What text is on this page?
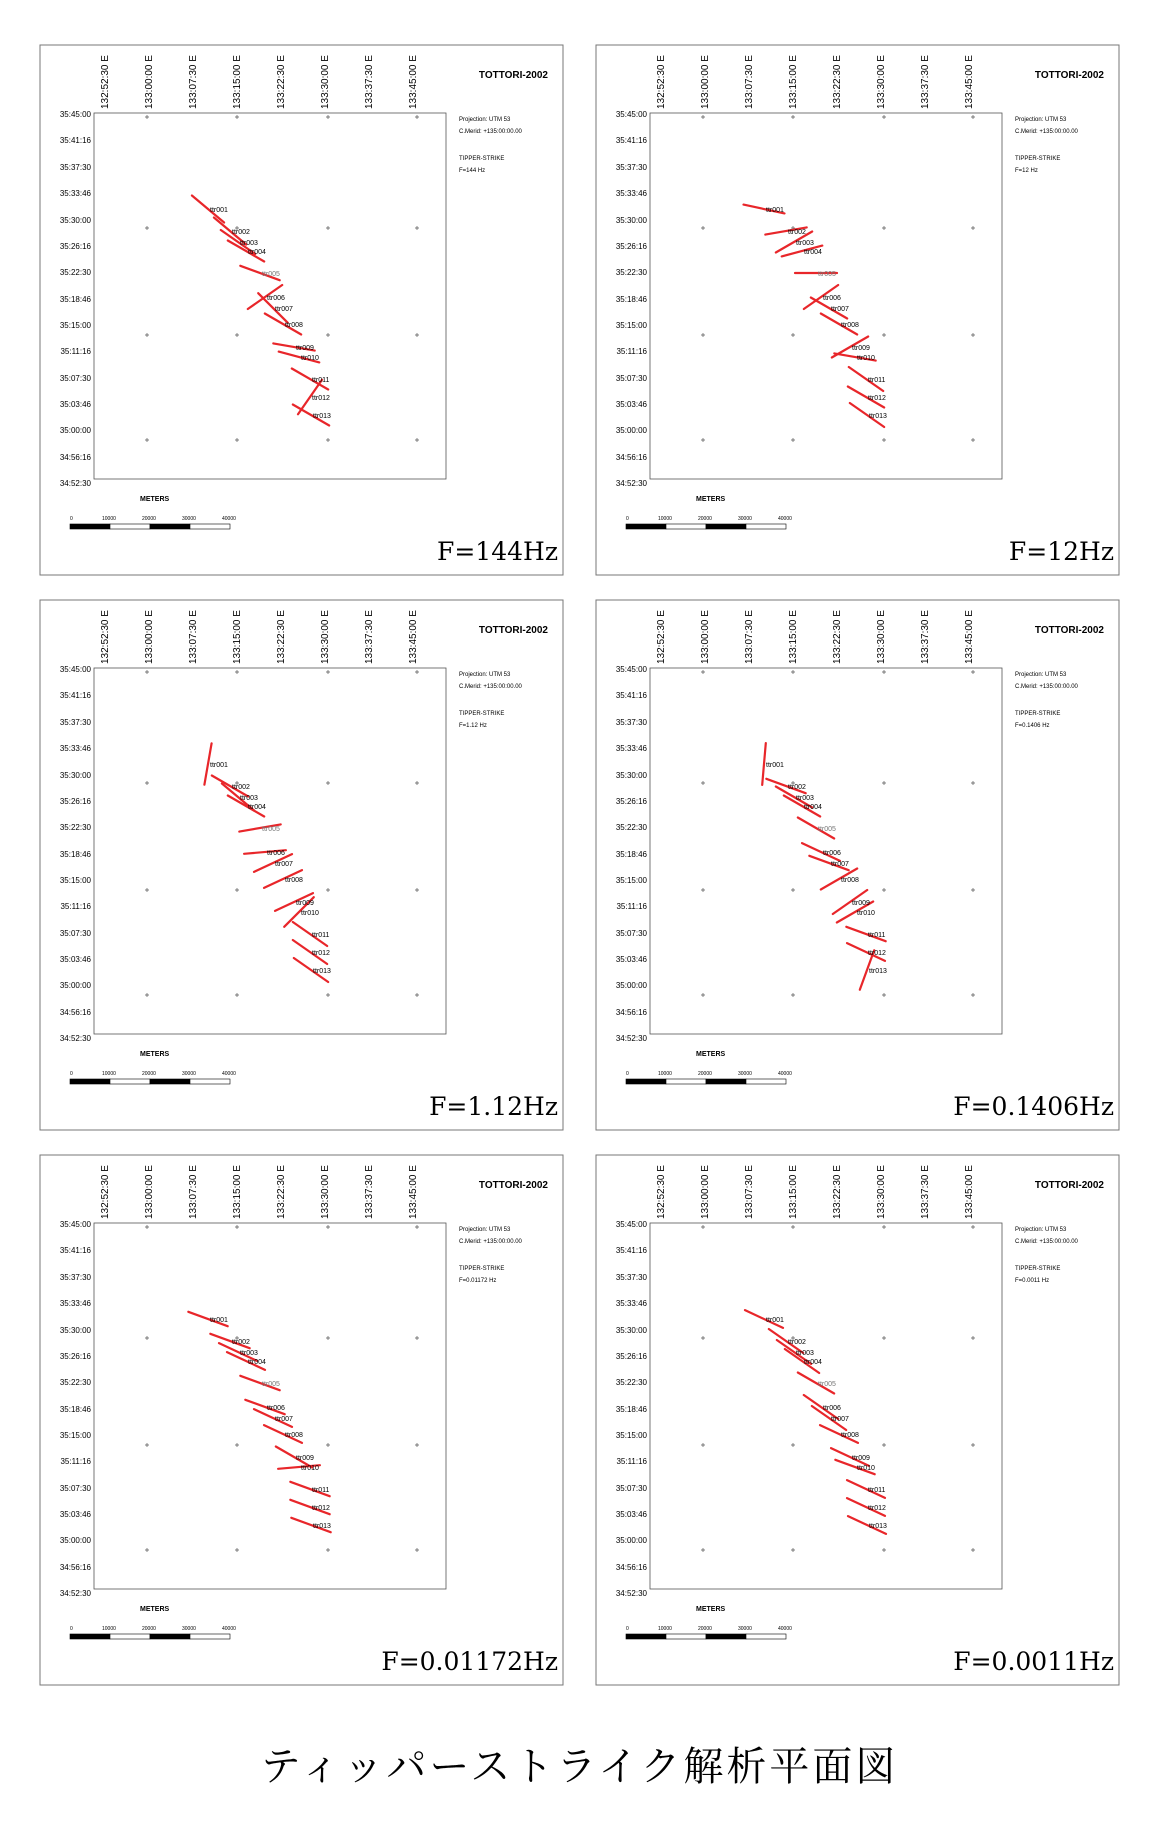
132:52:30 E	133:00:00 E	133:07:30 E	133:15:00 E	133:22:30 E	133:30:00 E	133:37:30 E	133:45:00 E
35:45:00
35:41:16
35:37:30
35:33:46
35:30:00
35:26:16
35:22:30
35:18:46
35:15:00
35:11:16
35:07:30
35:03:46
35:00:00
34:56:16
34:52:30
TOTTORI-2002
Projection: UTM 53
C.Merid: +135:00:00.00
TIPPER-STRIKE
F=144 Hz
ttr001
ttr002
ttr003
ttr004
ttr005
ttr006
ttr007
ttr008
ttr009
ttr010
ttr011
ttr012
ttr013
METERS
0	10000	20000	30000	40000
F=144Hz
132:52:30 E	133:00:00 E	133:07:30 E	133:15:00 E	133:22:30 E	133:30:00 E	133:37:30 E	133:45:00 E
35:45:00
35:41:16
35:37:30
35:33:46
35:30:00
35:26:16
35:22:30
35:18:46
35:15:00
35:11:16
35:07:30
35:03:46
35:00:00
34:56:16
34:52:30
TOTTORI-2002
Projection: UTM 53
C.Merid: +135:00:00.00
TIPPER-STRIKE
F=12 Hz
ttr001
ttr002
ttr003
ttr004
ttr005
ttr006
ttr007
ttr008
ttr009
ttr010
ttr011
ttr012
ttr013
METERS
0	10000	20000	30000	40000
F=12Hz
132:52:30 E	133:00:00 E	133:07:30 E	133:15:00 E	133:22:30 E	133:30:00 E	133:37:30 E	133:45:00 E
35:45:00
35:41:16
35:37:30
35:33:46
35:30:00
35:26:16
35:22:30
35:18:46
35:15:00
35:11:16
35:07:30
35:03:46
35:00:00
34:56:16
34:52:30
TOTTORI-2002
Projection: UTM 53
C.Merid: +135:00:00.00
TIPPER-STRIKE
F=1.12 Hz
ttr001
ttr002
ttr003
ttr004
ttr005
ttr006
ttr007
ttr008
ttr009
ttr010
ttr011
ttr012
ttr013
METERS
0	10000	20000	30000	40000
F=1.12Hz
132:52:30 E	133:00:00 E	133:07:30 E	133:15:00 E	133:22:30 E	133:30:00 E	133:37:30 E	133:45:00 E
35:45:00
35:41:16
35:37:30
35:33:46
35:30:00
35:26:16
35:22:30
35:18:46
35:15:00
35:11:16
35:07:30
35:03:46
35:00:00
34:56:16
34:52:30
TOTTORI-2002
Projection: UTM 53
C.Merid: +135:00:00.00
TIPPER-STRIKE
F=0.1406 Hz
ttr001
ttr002
ttr003
ttr004
ttr005
ttr006
ttr007
ttr008
ttr009
ttr010
ttr011
ttr012
ttr013
METERS
0	10000	20000	30000	40000
F=0.1406Hz
132:52:30 E	133:00:00 E	133:07:30 E	133:15:00 E	133:22:30 E	133:30:00 E	133:37:30 E	133:45:00 E
35:45:00
35:41:16
35:37:30
35:33:46
35:30:00
35:26:16
35:22:30
35:18:46
35:15:00
35:11:16
35:07:30
35:03:46
35:00:00
34:56:16
34:52:30
TOTTORI-2002
Projection: UTM 53
C.Merid: +135:00:00.00
TIPPER-STRIKE
F=0.01172 Hz
ttr001
ttr002
ttr003
ttr004
ttr005
ttr006
ttr007
ttr008
ttr009
ttr010
ttr011
ttr012
ttr013
METERS
0	10000	20000	30000	40000
F=0.01172Hz
132:52:30 E	133:00:00 E	133:07:30 E	133:15:00 E	133:22:30 E	133:30:00 E	133:37:30 E	133:45:00 E
35:45:00
35:41:16
35:37:30
35:33:46
35:30:00
35:26:16
35:22:30
35:18:46
35:15:00
35:11:16
35:07:30
35:03:46
35:00:00
34:56:16
34:52:30
TOTTORI-2002
Projection: UTM 53
C.Merid: +135:00:00.00
TIPPER-STRIKE
F=0.0011 Hz
ttr001
ttr002
ttr003
ttr004
ttr005
ttr006
ttr007
ttr008
ttr009
ttr010
ttr011
ttr012
ttr013
METERS
0	10000	20000	30000	40000
F=0.0011Hz
ティッパーストライク解析平面図
